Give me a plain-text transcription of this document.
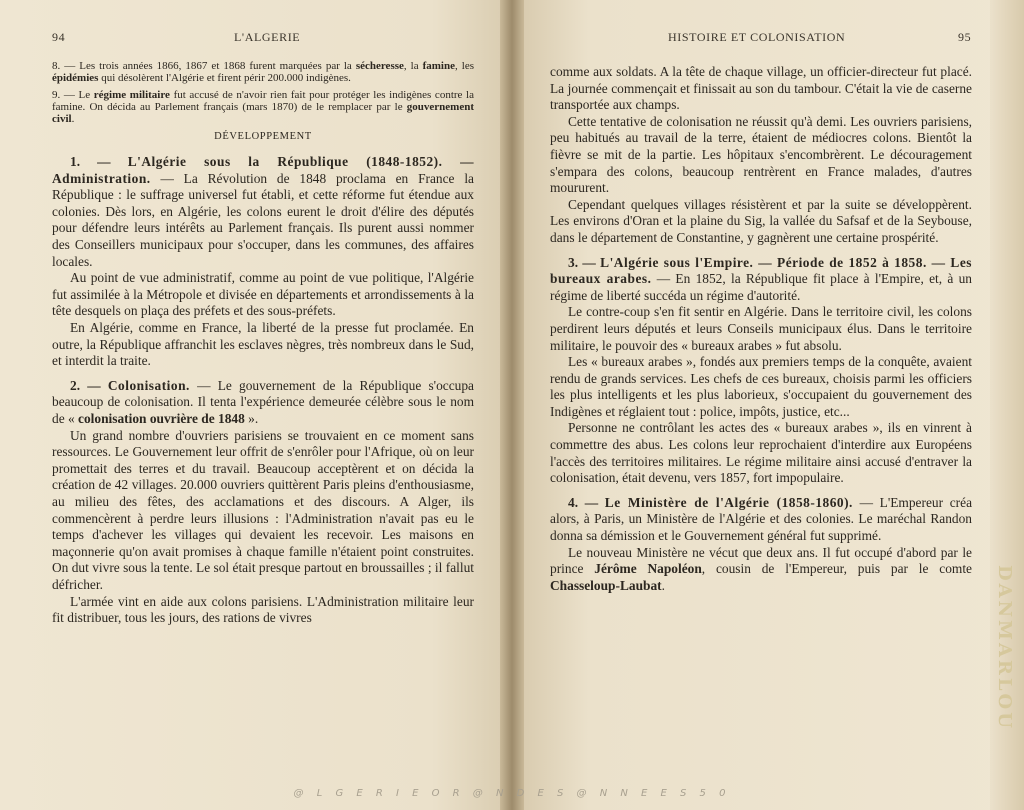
94	L'ALGERIE

8. — Les trois années 1866, 1867 et 1868 furent marquées par la sécheresse, la famine, les épidémies qui désolèrent l'Algérie et firent périr 200.000 indigènes.

9. — Le régime militaire fut accusé de n'avoir rien fait pour protéger les indigènes contre la famine. On décida au Parlement français (mars 1870) de le remplacer par le gouvernement civil.

DÉVELOPPEMENT

1. — L'Algérie sous la République (1848-1852). — Administration. — La Révolution de 1848 proclama en France la République : le suffrage universel fut établi, et cette réforme fut étendue aux colonies. Dès lors, en Algérie, les colons eurent le droit d'élire des députés pour défendre leurs intérêts au Parlement français. Ils purent aussi nommer des Conseillers municipaux pour s'occuper, dans les communes, des affaires locales.

Au point de vue administratif, comme au point de vue politique, l'Algérie fut assimilée à la Métropole et divisée en départements et arrondissements à la tête desquels on plaça des préfets et des sous-préfets.

En Algérie, comme en France, la liberté de la presse fut proclamée. En outre, la République affranchit les esclaves nègres, très nombreux dans le Sud, et interdit la traite.

2. — Colonisation. — Le gouvernement de la République s'occupa beaucoup de colonisation. Il tenta l'expérience demeurée célèbre sous le nom de « colonisation ouvrière de 1848 ».

Un grand nombre d'ouvriers parisiens se trouvaient en ce moment sans ressources. Le Gouvernement leur offrit de s'enrôler pour l'Afrique, où on leur promettait des terres et du travail. Beaucoup acceptèrent et on décida la création de 42 villages. 20.000 ouvriers quittèrent Paris pleins d'enthousiasme, au milieu des fêtes, des acclamations et des discours. A Alger, ils commencèrent à perdre leurs illusions : l'Administration n'avait pas eu le temps d'achever les villages qui devaient les recevoir. Les maisons en maçonnerie qu'on avait promises à chaque famille n'étaient point construites. On dut vivre sous la tente. Le sol était presque partout en broussailles ; il fallut défricher.

L'armée vint en aide aux colons parisiens. L'Administration militaire leur fit distribuer, tous les jours, des rations de vivres

HISTOIRE ET COLONISATION	95

comme aux soldats. A la tête de chaque village, un officier-directeur fut placé. La journée commençait et finissait au son du tambour. C'était la vie de caserne transportée aux champs.

Cette tentative de colonisation ne réussit qu'à demi. Les ouvriers parisiens, peu habitués au travail de la terre, étaient de médiocres colons. Bientôt la fièvre se mit de la partie. Les hôpitaux s'encombrèrent. Le découragement s'empara des colons, beaucoup rentrèrent en France malades, d'autres moururent.

Cependant quelques villages résistèrent et par la suite se développèrent. Les environs d'Oran et la plaine du Sig, la vallée du Safsaf et de la Seybouse, dans le département de Constantine, y gagnèrent une certaine prospérité.

3. — L'Algérie sous l'Empire. — Période de 1852 à 1858. — Les bureaux arabes. — En 1852, la République fit place à l'Empire, et, à un régime de liberté succéda un régime d'autorité.

Le contre-coup s'en fit sentir en Algérie. Dans le territoire civil, les colons perdirent leurs députés et leurs Conseils municipaux élus. Dans le territoire militaire, le pouvoir des « bureaux arabes » fut absolu.

Les « bureaux arabes », fondés aux premiers temps de la conquête, avaient rendu de grands services. Les chefs de ces bureaux, choisis parmi les officiers les plus intelligents et les plus laborieux, s'occupaient du gouvernement des Indigènes et réglaient tout : police, impôts, justice, etc...

Personne ne contrôlant les actes des « bureaux arabes », ils en vinrent à commettre des abus. Les colons leur reprochaient d'interdire aux Européens l'accès des territoires militaires. Le régime militaire ainsi accusé d'entraver la colonisation, était devenu, vers 1857, fort impopulaire.

4. — Le Ministère de l'Algérie (1858-1860). — L'Empereur créa alors, à Paris, un Ministère de l'Algérie et des colonies. Le maréchal Randon donna sa démission et le Gouvernement général fut supprimé.

Le nouveau Ministère ne vécut que deux ans. Il fut occupé d'abord par le prince Jérôme Napoléon, cousin de l'Empereur, puis par le comte Chasseloup-Laubat.

@ L G E R I E O R @ N D E S @ N N E E S 5 0
DANMARLOU
